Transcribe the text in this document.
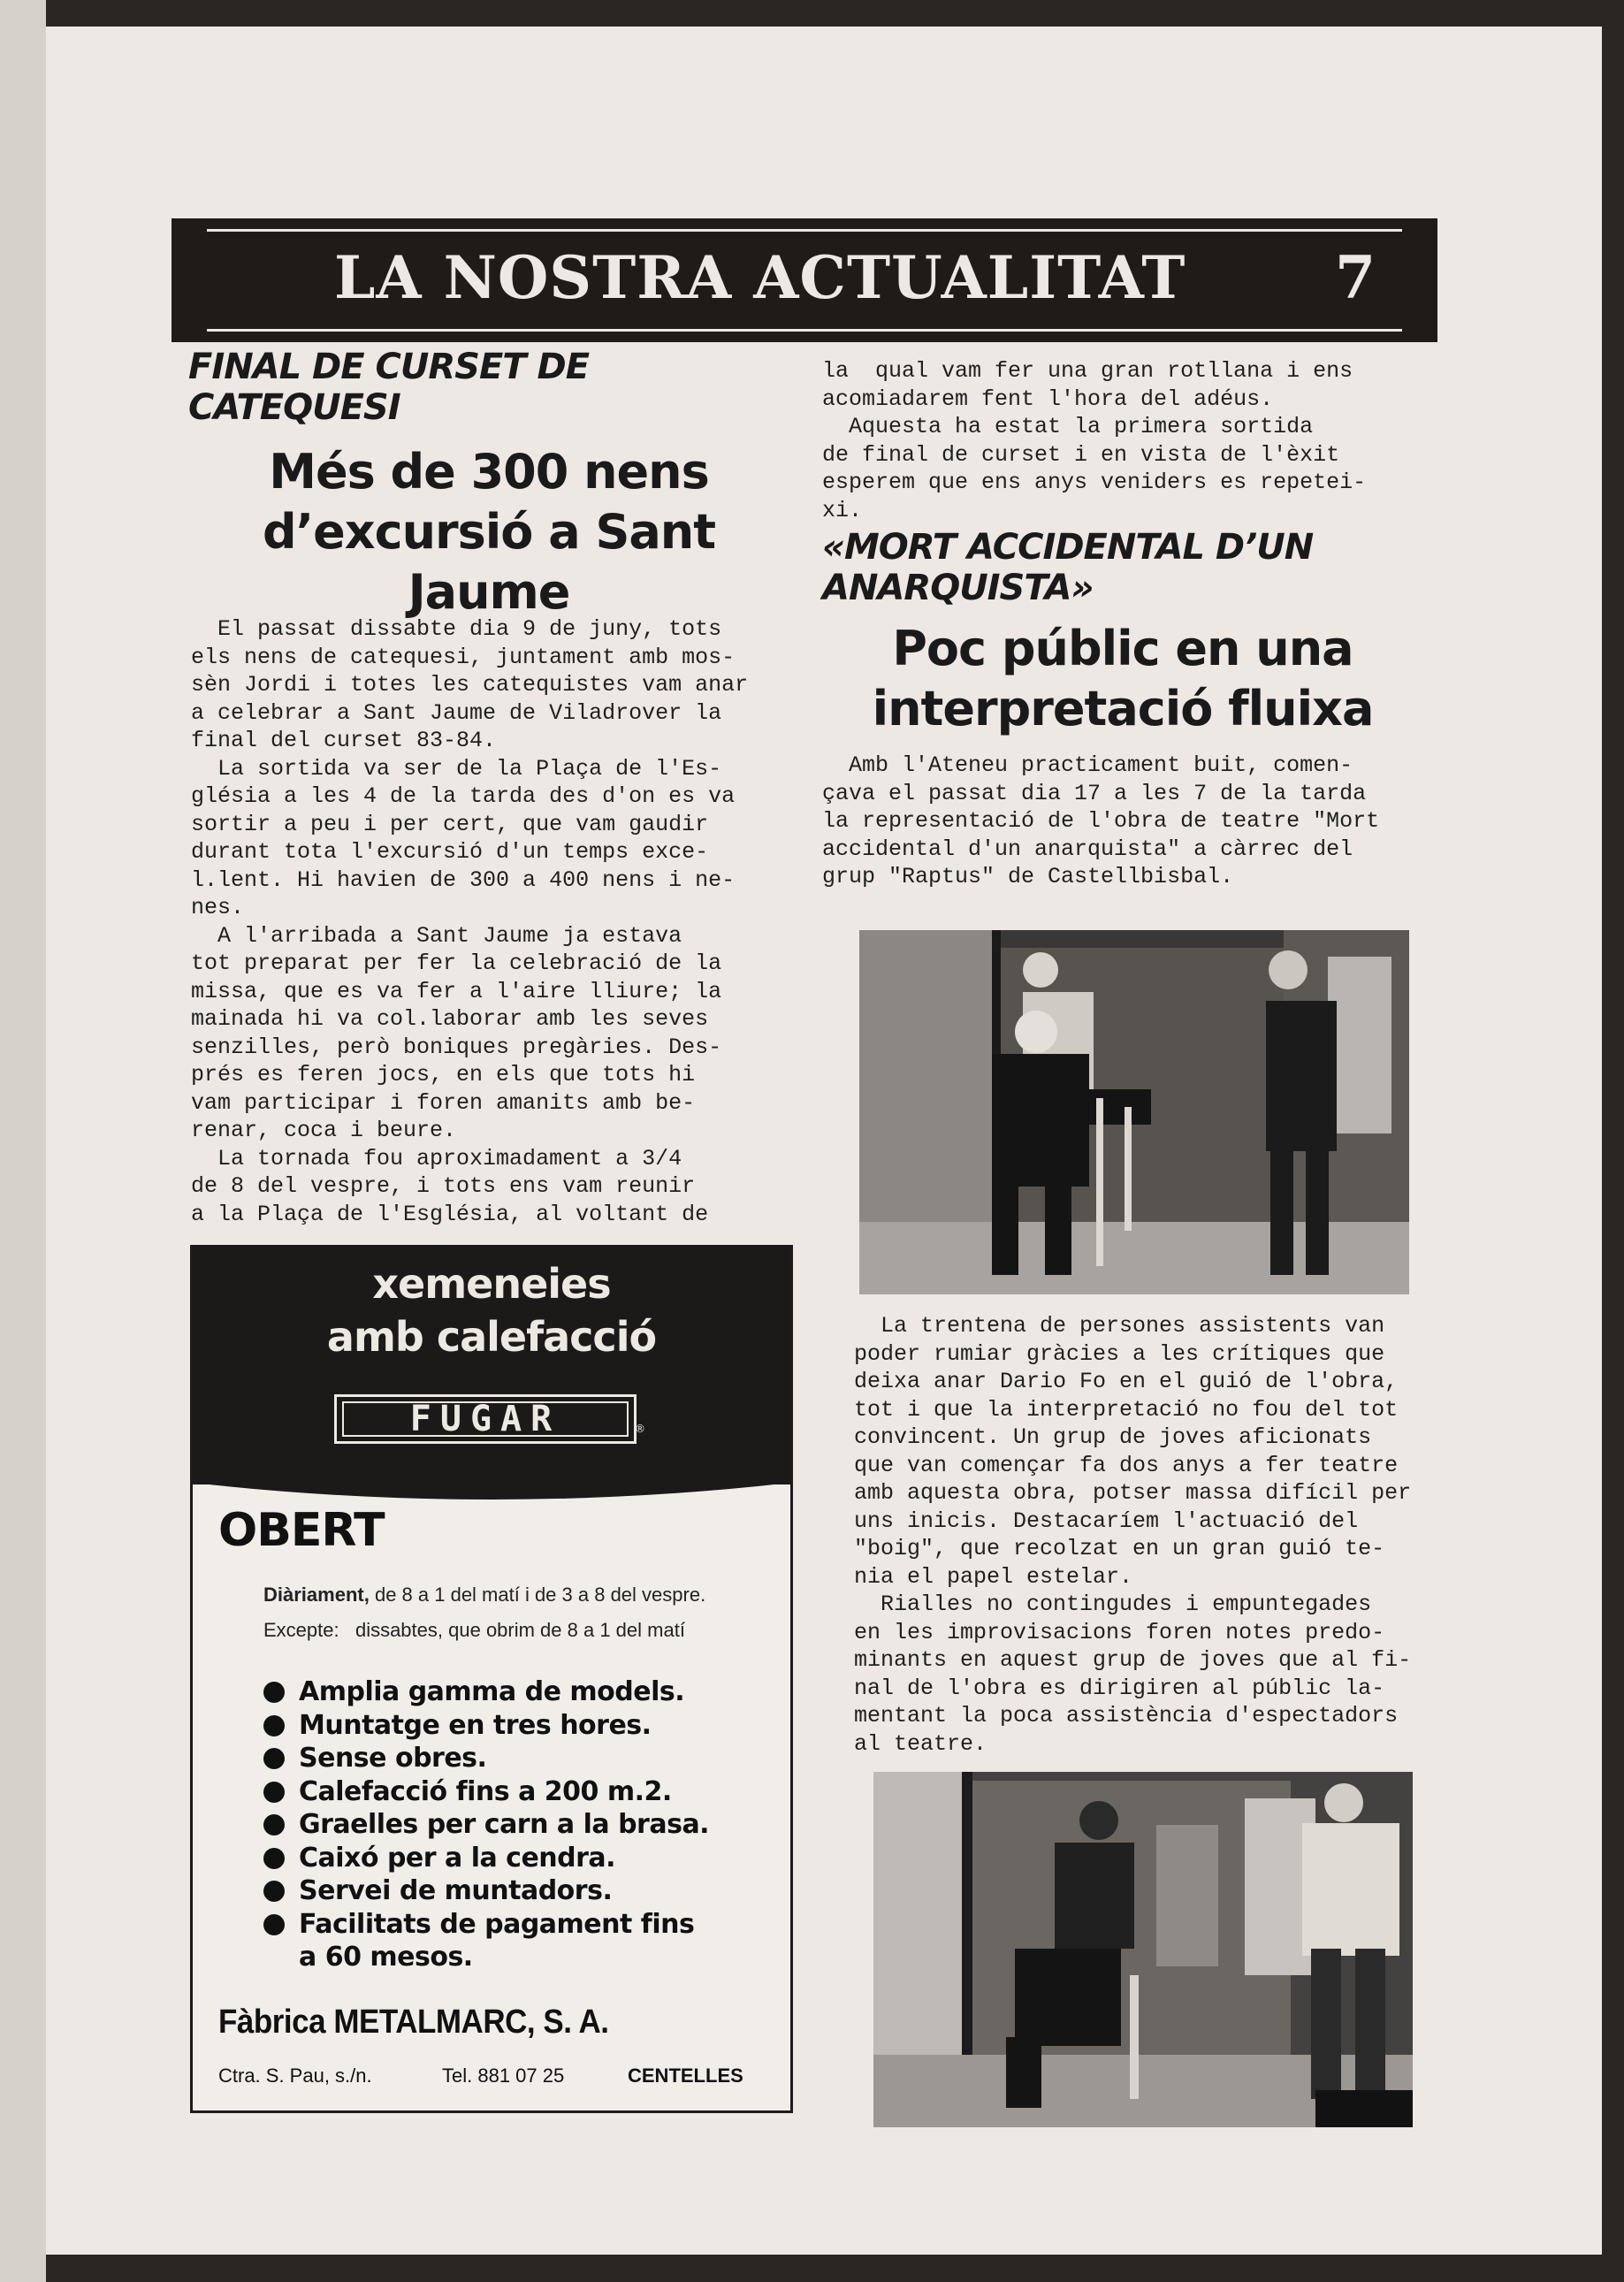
LA NOSTRA ACTUALITAT	7
FINAL DE CURSET DE
CATEQUESI
Més de 300 nens
d’excursió a Sant
Jaume
El passat dissabte dia 9 de juny, tots
els nens de catequesi, juntament amb mos-
sèn Jordi i totes les catequistes vam anar
a celebrar a Sant Jaume de Viladrover la
final del curset 83-84.
La sortida va ser de la Plaça de l'Es-
glésia a les 4 de la tarda des d'on es va
sortir a peu i per cert, que vam gaudir
durant tota l'excursió d'un temps exce-
l.lent. Hi havien de 300 a 400 nens i ne-
nes.
A l'arribada a Sant Jaume ja estava
tot preparat per fer la celebració de la
missa, que es va fer a l'aire lliure; la
mainada hi va col.laborar amb les seves
senzilles, però boniques pregàries. Des-
prés es feren jocs, en els que tots hi
vam participar i foren amanits amb be-
renar, coca i beure.
La tornada fou aproximadament a 3/4
de 8 del vespre, i tots ens vam reunir
a la Plaça de l'Església, al voltant de
la  qual vam fer una gran rotllana i ens
acomiadarem fent l'hora del adéus.
Aquesta ha estat la primera sortida
de final de curset i en vista de l'èxit
esperem que ens anys veniders es repetei-
xi.
«MORT ACCIDENTAL D’UN
ANARQUISTA»
Poc públic en una
interpretació fluixa
Amb l'Ateneu practicament buit, comen-
çava el passat dia 17 a les 7 de la tarda
la representació de l'obra de teatre "Mort
accidental d'un anarquista" a càrrec del
grup "Raptus" de Castellbisbal.
La trentena de persones assistents van
poder rumiar gràcies a les crítiques que
deixa anar Dario Fo en el guió de l'obra,
tot i que la interpretació no fou del tot
convincent. Un grup de joves aficionats
que van començar fa dos anys a fer teatre
amb aquesta obra, potser massa difícil per
uns inicis. Destacaríem l'actuació del
"boig", que recolzat en un gran guió te-
nia el papel estelar.
Rialles no contingudes i empuntegades
en les improvisacions foren notes predo-
minants en aquest grup de joves que al fi-
nal de l'obra es dirigiren al públic la-
mentant la poca assistència d'espectadors
al teatre.
xemeneies
amb calefacció
FUGAR	®
OBERT
Diàriament, de 8 a 1 del matí i de 3 a 8 del vespre.
Excepte: dissabtes, que obrim de 8 a 1 del matí
Amplia gamma de models.
Muntatge en tres hores.
Sense obres.
Calefacció fins a 200 m.2.
Graelles per carn a la brasa.
Caixó per a la cendra.
Servei de muntadors.
Facilitats de pagament fins
a 60 mesos.
Fàbrica METALMARC, S. A.
Ctra. S. Pau, s./n.	Tel. 881 07 25	CENTELLES
